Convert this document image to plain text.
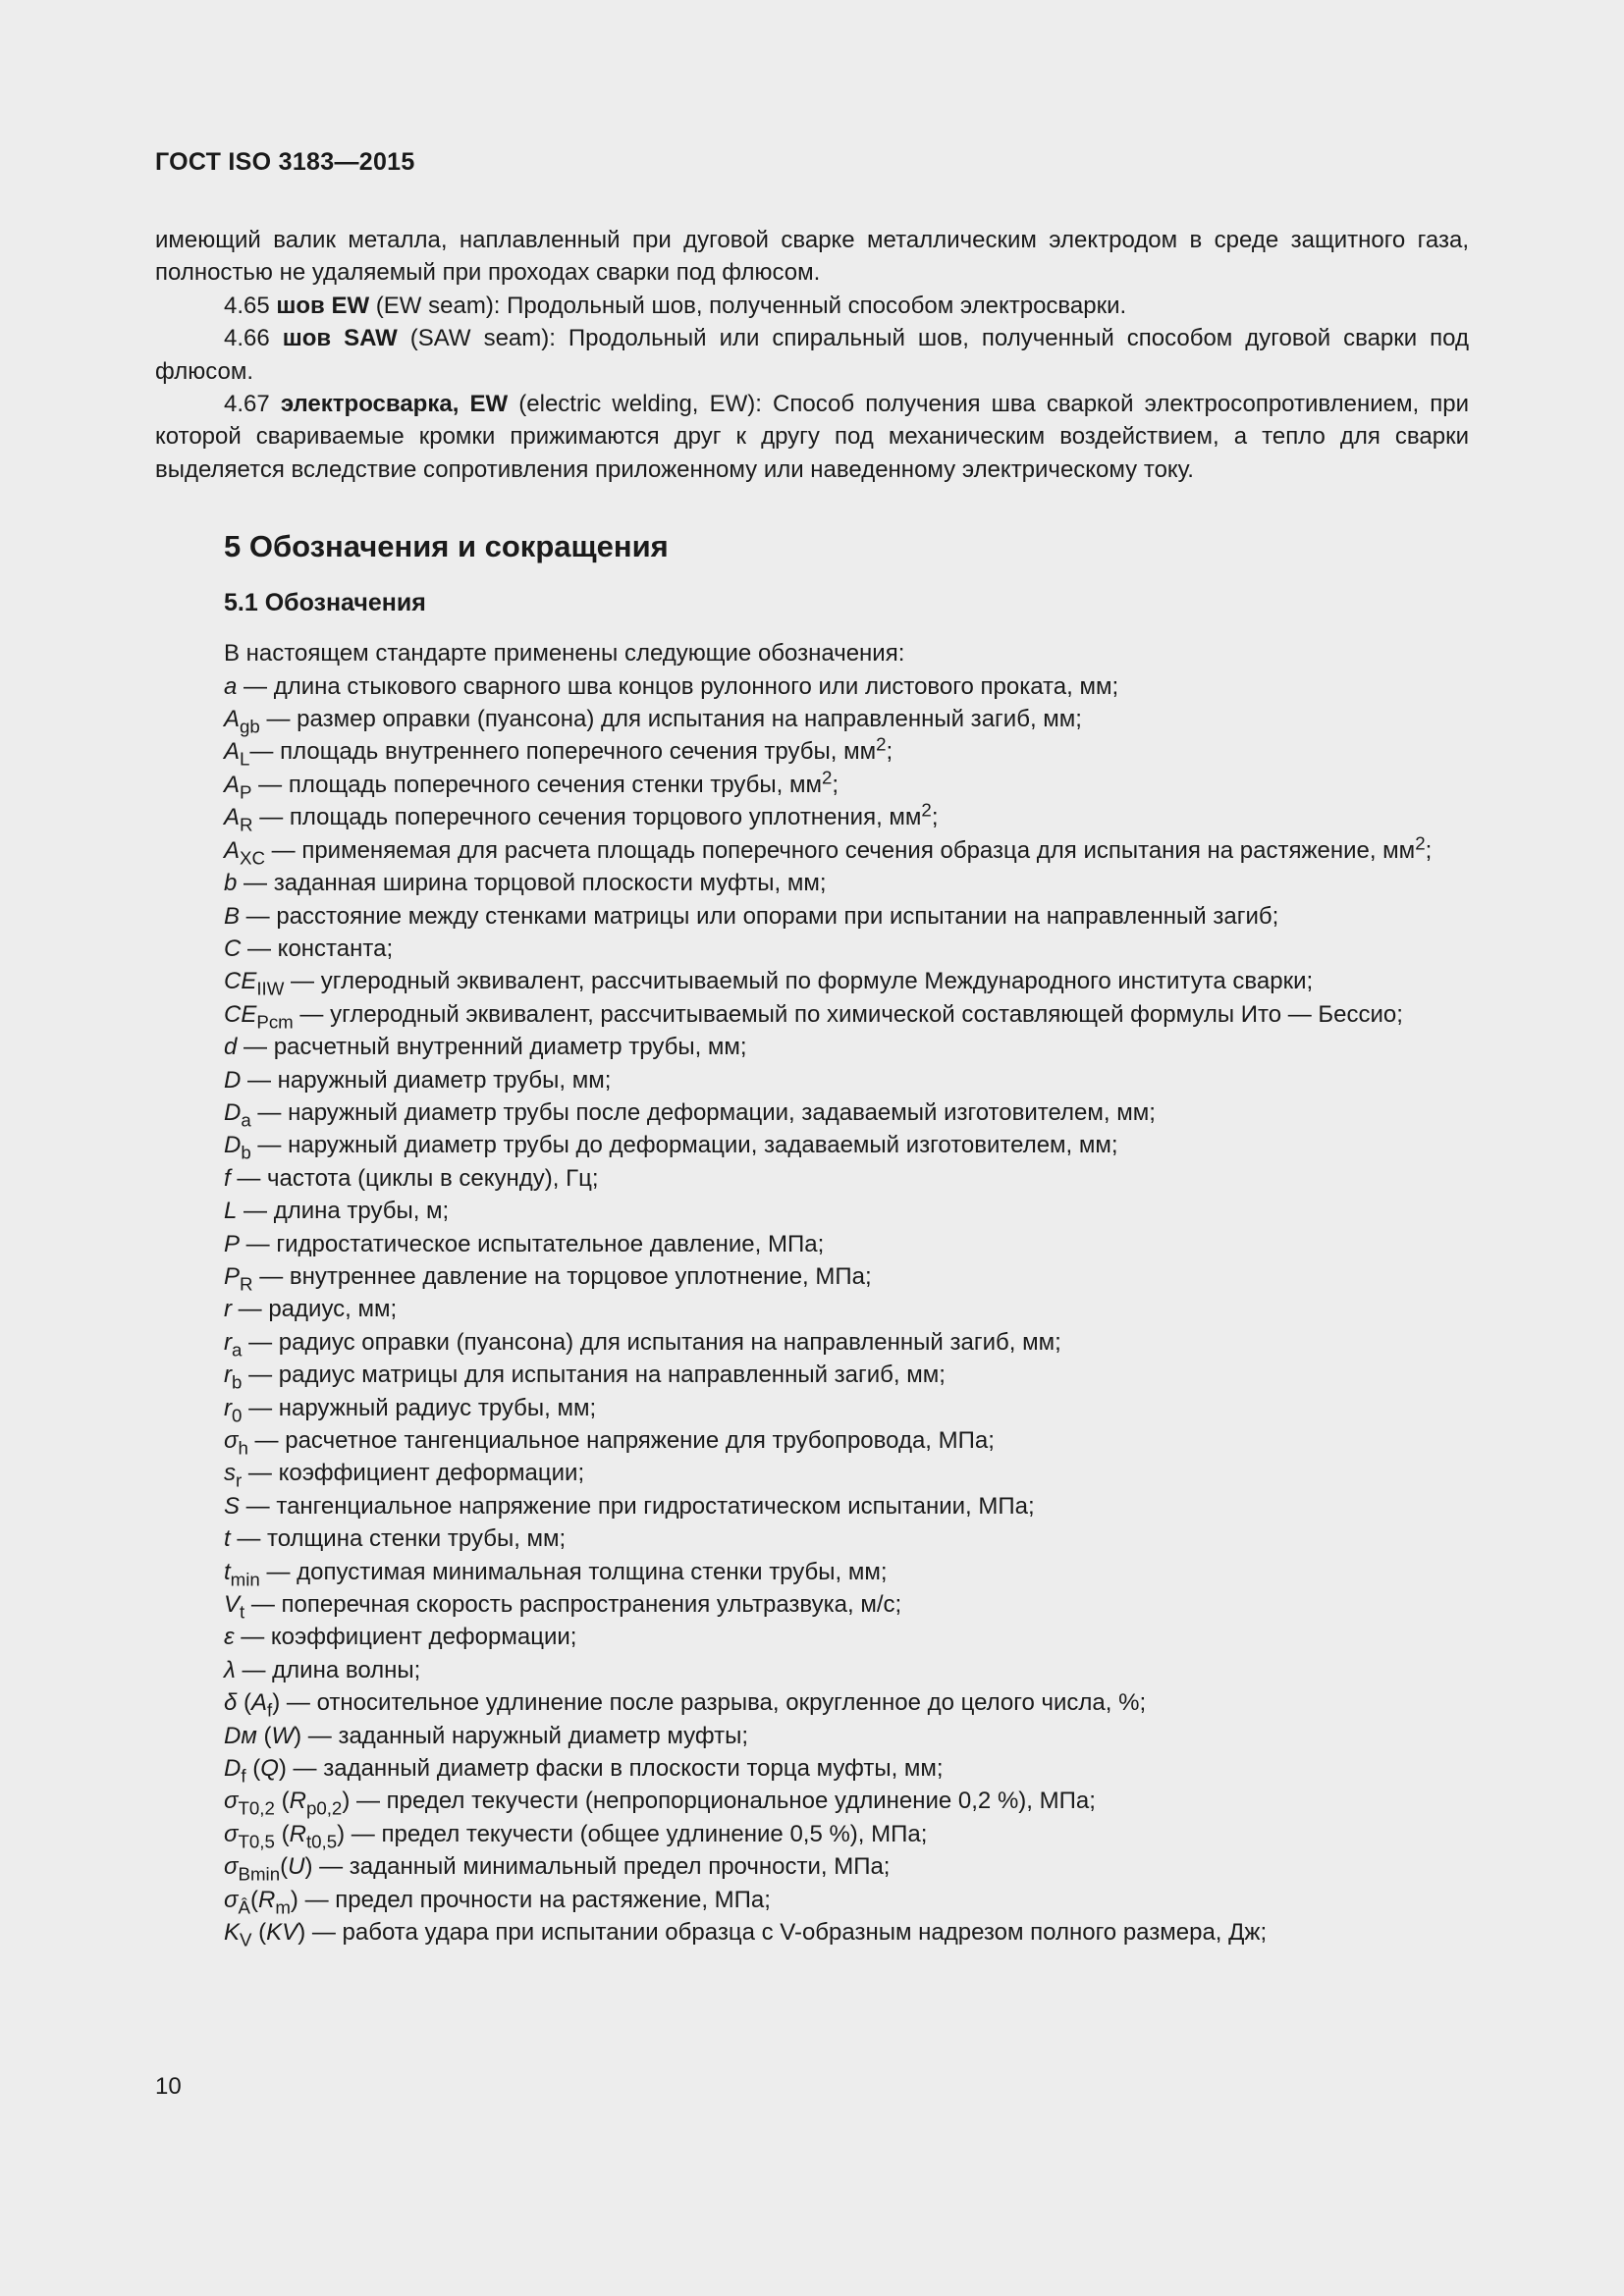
ГОСТ ISO 3183—2015

имеющий валик металла, наплавленный при дуговой сварке металлическим электродом в среде защитного газа, полностью не удаляемый при проходах сварки под флюсом.

4.65 шов EW (EW seam): Продольный шов, полученный способом электросварки.

4.66 шов SAW (SAW seam): Продольный или спиральный шов, полученный способом дуговой сварки под флюсом.

4.67 электросварка, EW (electric welding, EW): Способ получения шва сваркой электросопротивлением, при которой свариваемые кромки прижимаются друг к другу под механическим воздействием, а тепло для сварки выделяется вследствие сопротивления приложенному или наведенному электрическому току.

5 Обозначения и сокращения
5.1 Обозначения

В настоящем стандарте применены следующие обозначения:

a — длина стыкового сварного шва концов рулонного или листового проката, мм;

$A_{gb}$ — размер оправки (пуансона) для испытания на направленный загиб, мм;

$A_L—$ площадь внутреннего поперечного сечения трубы, $мм^2$;

$A_P$ — площадь поперечного сечения стенки трубы, $мм^2$;

$A_R$ — площадь поперечного сечения торцового уплотнения, $мм^2$;

$A_{XC}$ — применяемая для расчета площадь поперечного сечения образца для испытания на растяжение, $мм^2$;

b — заданная ширина торцовой плоскости муфты, мм;

B — расстояние между стенками матрицы или опорами при испытании на направленный загиб;

C — константа;

$CE_{IIW}$ — углеродный эквивалент, рассчитываемый по формуле Международного института сварки;

$CE_{Pcm}$ — углеродный эквивалент, рассчитываемый по химической составляющей формулы Ито — Бессио;

d — расчетный внутренний диаметр трубы, мм;

D — наружный диаметр трубы, мм;

$D_a$ — наружный диаметр трубы после деформации, задаваемый изготовителем, мм;

$D_b$ — наружный диаметр трубы до деформации, задаваемый изготовителем, мм;

f — частота (циклы в секунду), Гц;

L — длина трубы, м;

P — гидростатическое испытательное давление, МПа;

$P_R$ — внутреннее давление на торцовое уплотнение, МПа;

r — радиус, мм;

$r_a$ — радиус оправки (пуансона) для испытания на направленный загиб, мм;

$r_b$ — радиус матрицы для испытания на направленный загиб, мм;

$r_0$ — наружный радиус трубы, мм;

$\sigma_h$ — расчетное тангенциальное напряжение для трубопровода, МПа;

$s_r$ — коэффициент деформации;

S — тангенциальное напряжение при гидростатическом испытании, МПа;

t — толщина стенки трубы, мм;

$t_{min}$ — допустимая минимальная толщина стенки трубы, мм;

$V_t$ — поперечная скорость распространения ультразвука, м/с;

ε — коэффициент деформации;

λ — длина волны;

δ $(A_f)$ — относительное удлинение после разрыва, округленное до целого числа, %;

Dм (W) — заданный наружный диаметр муфты;

$D_f$ (Q) — заданный диаметр фаски в плоскости торца муфты, мм;

$\sigma_{T0,2}$ $(R_{p0,2})$ — предел текучести (непропорциональное удлинение 0,2 %), МПа;

$\sigma_{T0,5}$ $(R_{t0,5})$ — предел текучести (общее удлинение 0,5 %), МПа;

$\sigma_{Bmin}(U)$ — заданный минимальный предел прочности, МПа;

$\sigma_Â(R_m)$ — предел прочности на растяжение, МПа;

$K_V$ (KV) — работа удара при испытании образца с V-образным надрезом полного размера, Дж;

10
